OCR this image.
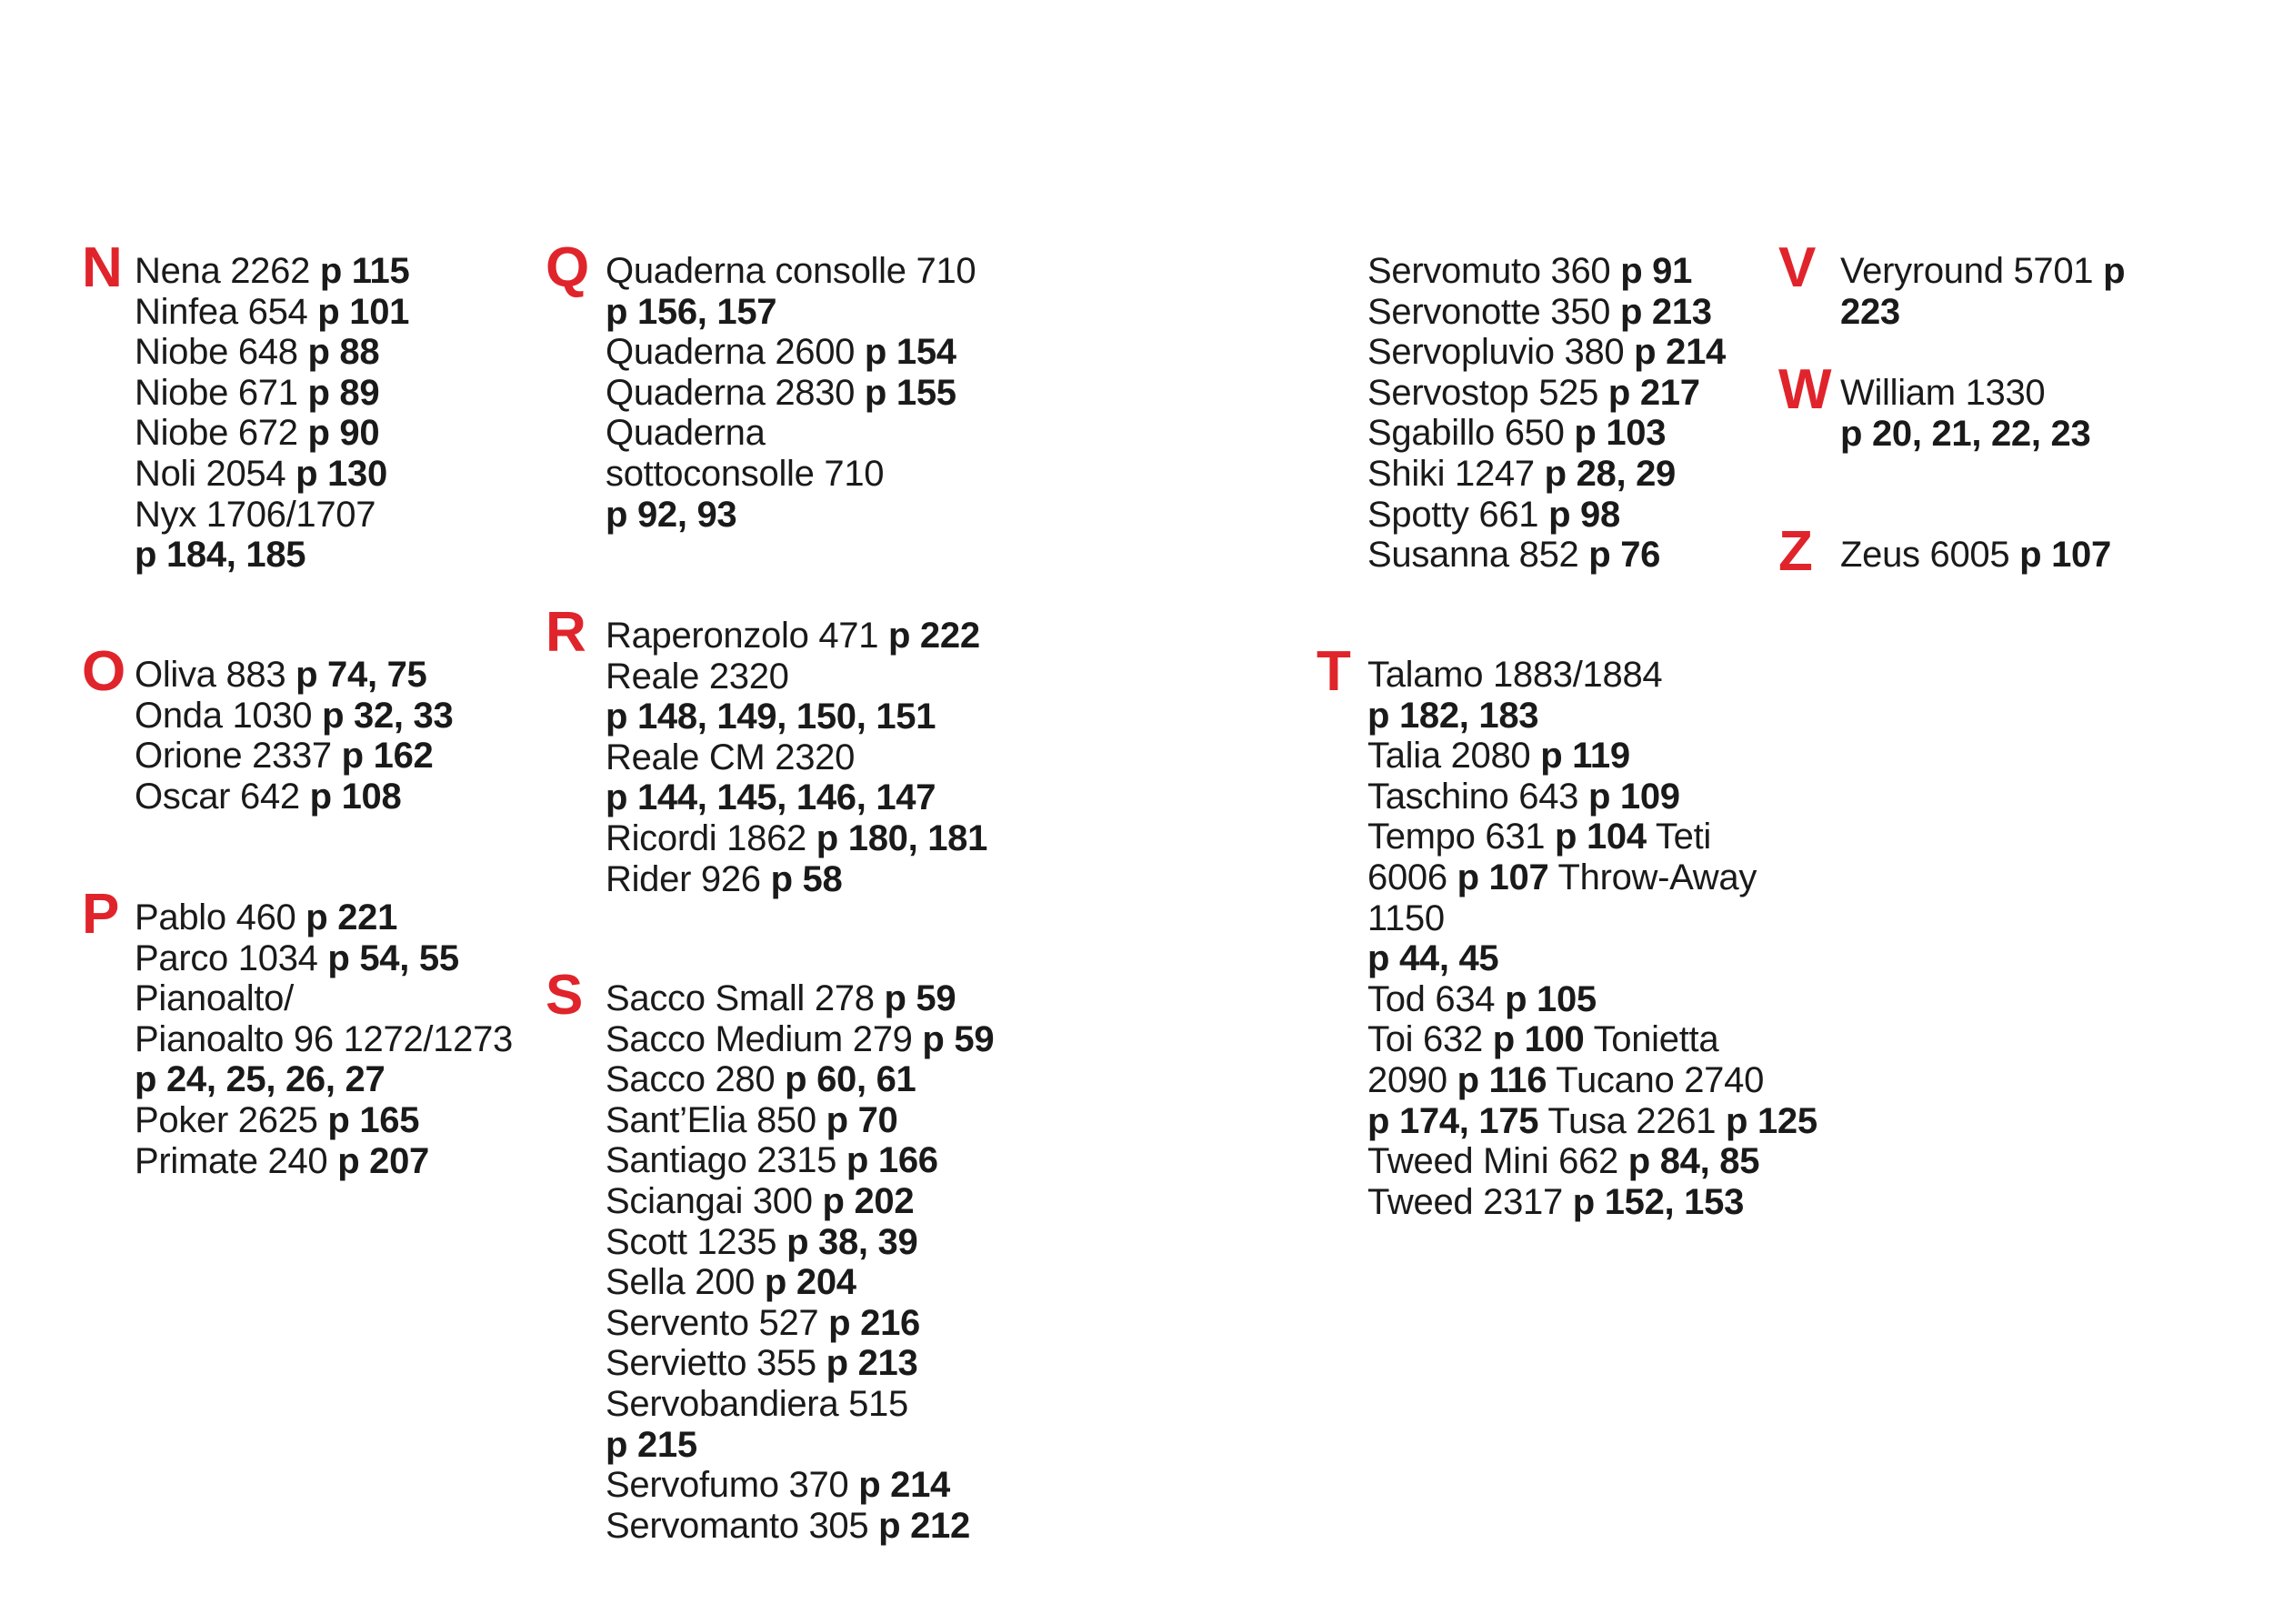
N Nena 2262 p 115
Ninfea 654 p 101
Niobe 648 p 88
Niobe 671 p 89
Niobe 672 p 90
Noli 2054 p 130
Nyx 1706/1707
p 184, 185
O Oliva 883 p 74, 75
Onda 1030 p 32, 33
Orione 2337 p 162
Oscar 642 p 108
P Pablo 460 p 221
Parco 1034 p 54, 55
Pianoalto/
Pianoalto 96 1272/1273
p 24, 25, 26, 27
Poker 2625 p 165
Primate 240 p 207
Q Quaderna consolle 710
p 156, 157
Quaderna 2600 p 154
Quaderna 2830 p 155
Quaderna
sottoconsolle 710
p 92, 93
R Raperonzolo 471 p 222
Reale 2320
p 148, 149, 150, 151
Reale CM 2320
p 144, 145, 146, 147
Ricordi 1862 p 180, 181
Rider 926 p 58
S Sacco Small 278 p 59
Sacco Medium 279 p 59
Sacco 280 p 60, 61
Sant’Elia 850 p 70
Santiago 2315 p 166
Sciangai 300 p 202
Scott 1235 p 38, 39
Sella 200 p 204
Servento 527 p 216
Servietto 355 p 213
Servobandiera 515
p 215
Servofumo 370 p 214
Servomanto 305 p 212
Servomuto 360 p 91
Servonotte 350 p 213
Servopluvio 380 p 214
Servostop 525 p 217
Sgabillo 650 p 103
Shiki 1247 p 28, 29
Spotty 661 p 98
Susanna 852 p 76
T Talamo 1883/1884
p 182, 183
Talia 2080 p 119
Taschino 643 p 109
Tempo 631 p 104 Teti
6006 p 107 Throw-Away
1150
p 44, 45
Tod 634 p 105
Toi 632 p 100 Tonietta
2090 p 116 Tucano 2740
p 174, 175 Tusa 2261 p 125
Tweed Mini 662 p 84, 85
Tweed 2317 p 152, 153
V Veryround 5701 p
223
W William 1330
p 20, 21, 22, 23
Z Zeus 6005 p 107
